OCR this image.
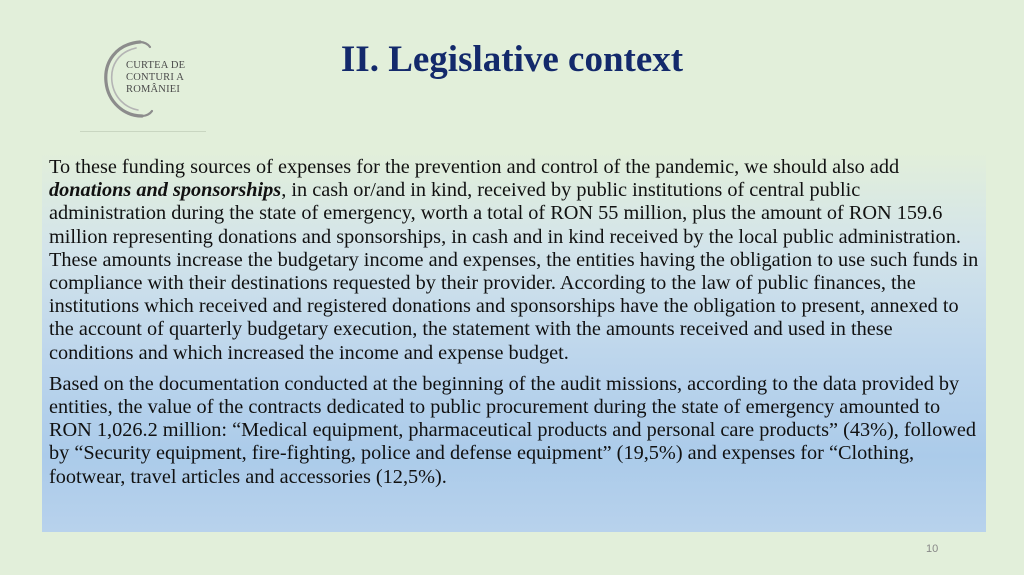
CURTEA DE
CONTURI A
ROMÂNIEI
II. Legislative context

To these funding sources of expenses for the prevention and control of the pandemic, we should also add donations and sponsorships, in cash or/and in kind, received by public institutions of central public administration during the state of emergency, worth a total of RON 55 million, plus the amount of RON 159.6 million representing donations and sponsorships, in cash and in kind received by the local public administration. These amounts increase the budgetary income and expenses, the entities having the obligation to use such funds in compliance with their destinations requested by their provider. According to the law of public finances, the institutions which received and registered donations and sponsorships have the obligation to present, annexed to the account of quarterly budgetary execution, the statement with the amounts received and used in these conditions and which increased the income and expense budget.

Based on the documentation conducted at the beginning of the audit missions, according to the data provided by entities, the value of the contracts dedicated to public procurement during the state of emergency amounted to RON 1,026.2 million: “Medical equipment, pharmaceutical products and personal care products” (43%), followed by “Security equipment, fire-fighting, police and defense equipment” (19,5%) and expenses for “Clothing, footwear, travel articles and accessories (12,5%).

10
